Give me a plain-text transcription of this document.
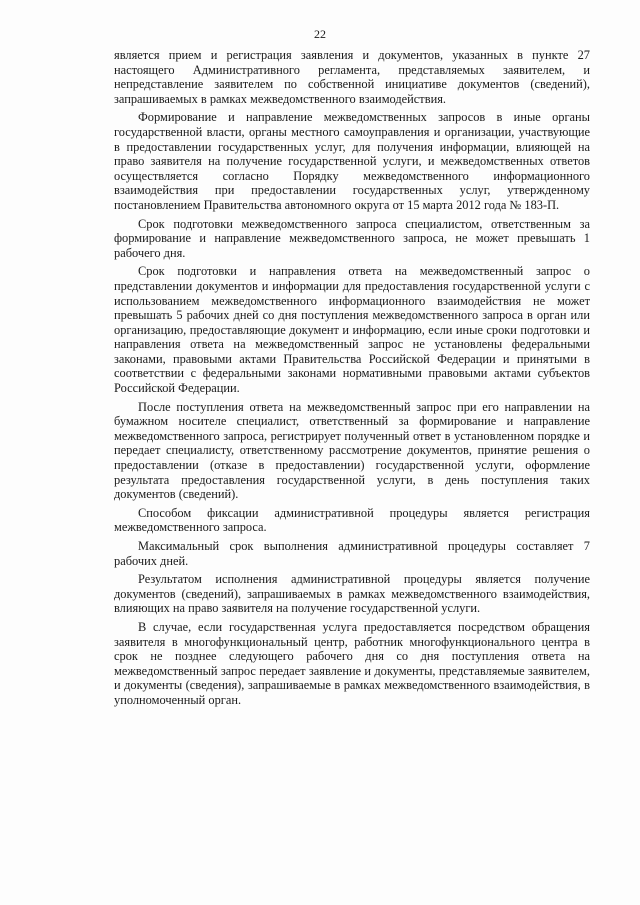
22

является прием и регистрация заявления и документов, указанных в пункте 27 настоящего Административного регламента, представляемых заявителем, и непредставление заявителем по собственной инициативе документов (сведений), запрашиваемых в рамках межведомственного взаимодействия.

Формирование и направление межведомственных запросов в иные органы государственной власти, органы местного самоуправления и организации, участвующие в предоставлении государственных услуг, для получения информации, влияющей на право заявителя на получение государственной услуги, и межведомственных ответов осуществляется согласно Порядку межведомственного информационного взаимодействия при предоставлении государственных услуг, утвержденному постановлением Правительства автономного округа от 15 марта 2012 года № 183-П.

Срок подготовки межведомственного запроса специалистом, ответственным за формирование и направление межведомственного запроса, не может превышать 1 рабочего дня.

Срок подготовки и направления ответа на межведомственный запрос о представлении документов и информации для предоставления государственной услуги с использованием межведомственного информационного взаимодействия не может превышать 5 рабочих дней со дня поступления межведомственного запроса в орган или организацию, предоставляющие документ и информацию, если иные сроки подготовки и направления ответа на межведомственный запрос не установлены федеральными законами, правовыми актами Правительства Российской Федерации и принятыми в соответствии с федеральными законами нормативными правовыми актами субъектов Российской Федерации.

После поступления ответа на межведомственный запрос при его направлении на бумажном носителе специалист, ответственный за формирование и направление межведомственного запроса, регистрирует полученный ответ в установленном порядке и передает специалисту, ответственному рассмотрение документов, принятие решения о предоставлении (отказе в предоставлении) государственной услуги, оформление результата предоставления государственной услуги, в день поступления таких документов (сведений).

Способом фиксации административной процедуры является регистрация межведомственного запроса.

Максимальный срок выполнения административной процедуры составляет 7 рабочих дней.

Результатом исполнения административной процедуры является получение документов (сведений), запрашиваемых в рамках межведомственного взаимодействия, влияющих на право заявителя на получение государственной услуги.

В случае, если государственная услуга предоставляется посредством обращения заявителя в многофункциональный центр, работник многофункционального центра в срок не позднее следующего рабочего дня со дня поступления ответа на межведомственный запрос передает заявление и документы, представляемые заявителем, и документы (сведения), запрашиваемые в рамках межведомственного взаимодействия, в уполномоченный орган.
